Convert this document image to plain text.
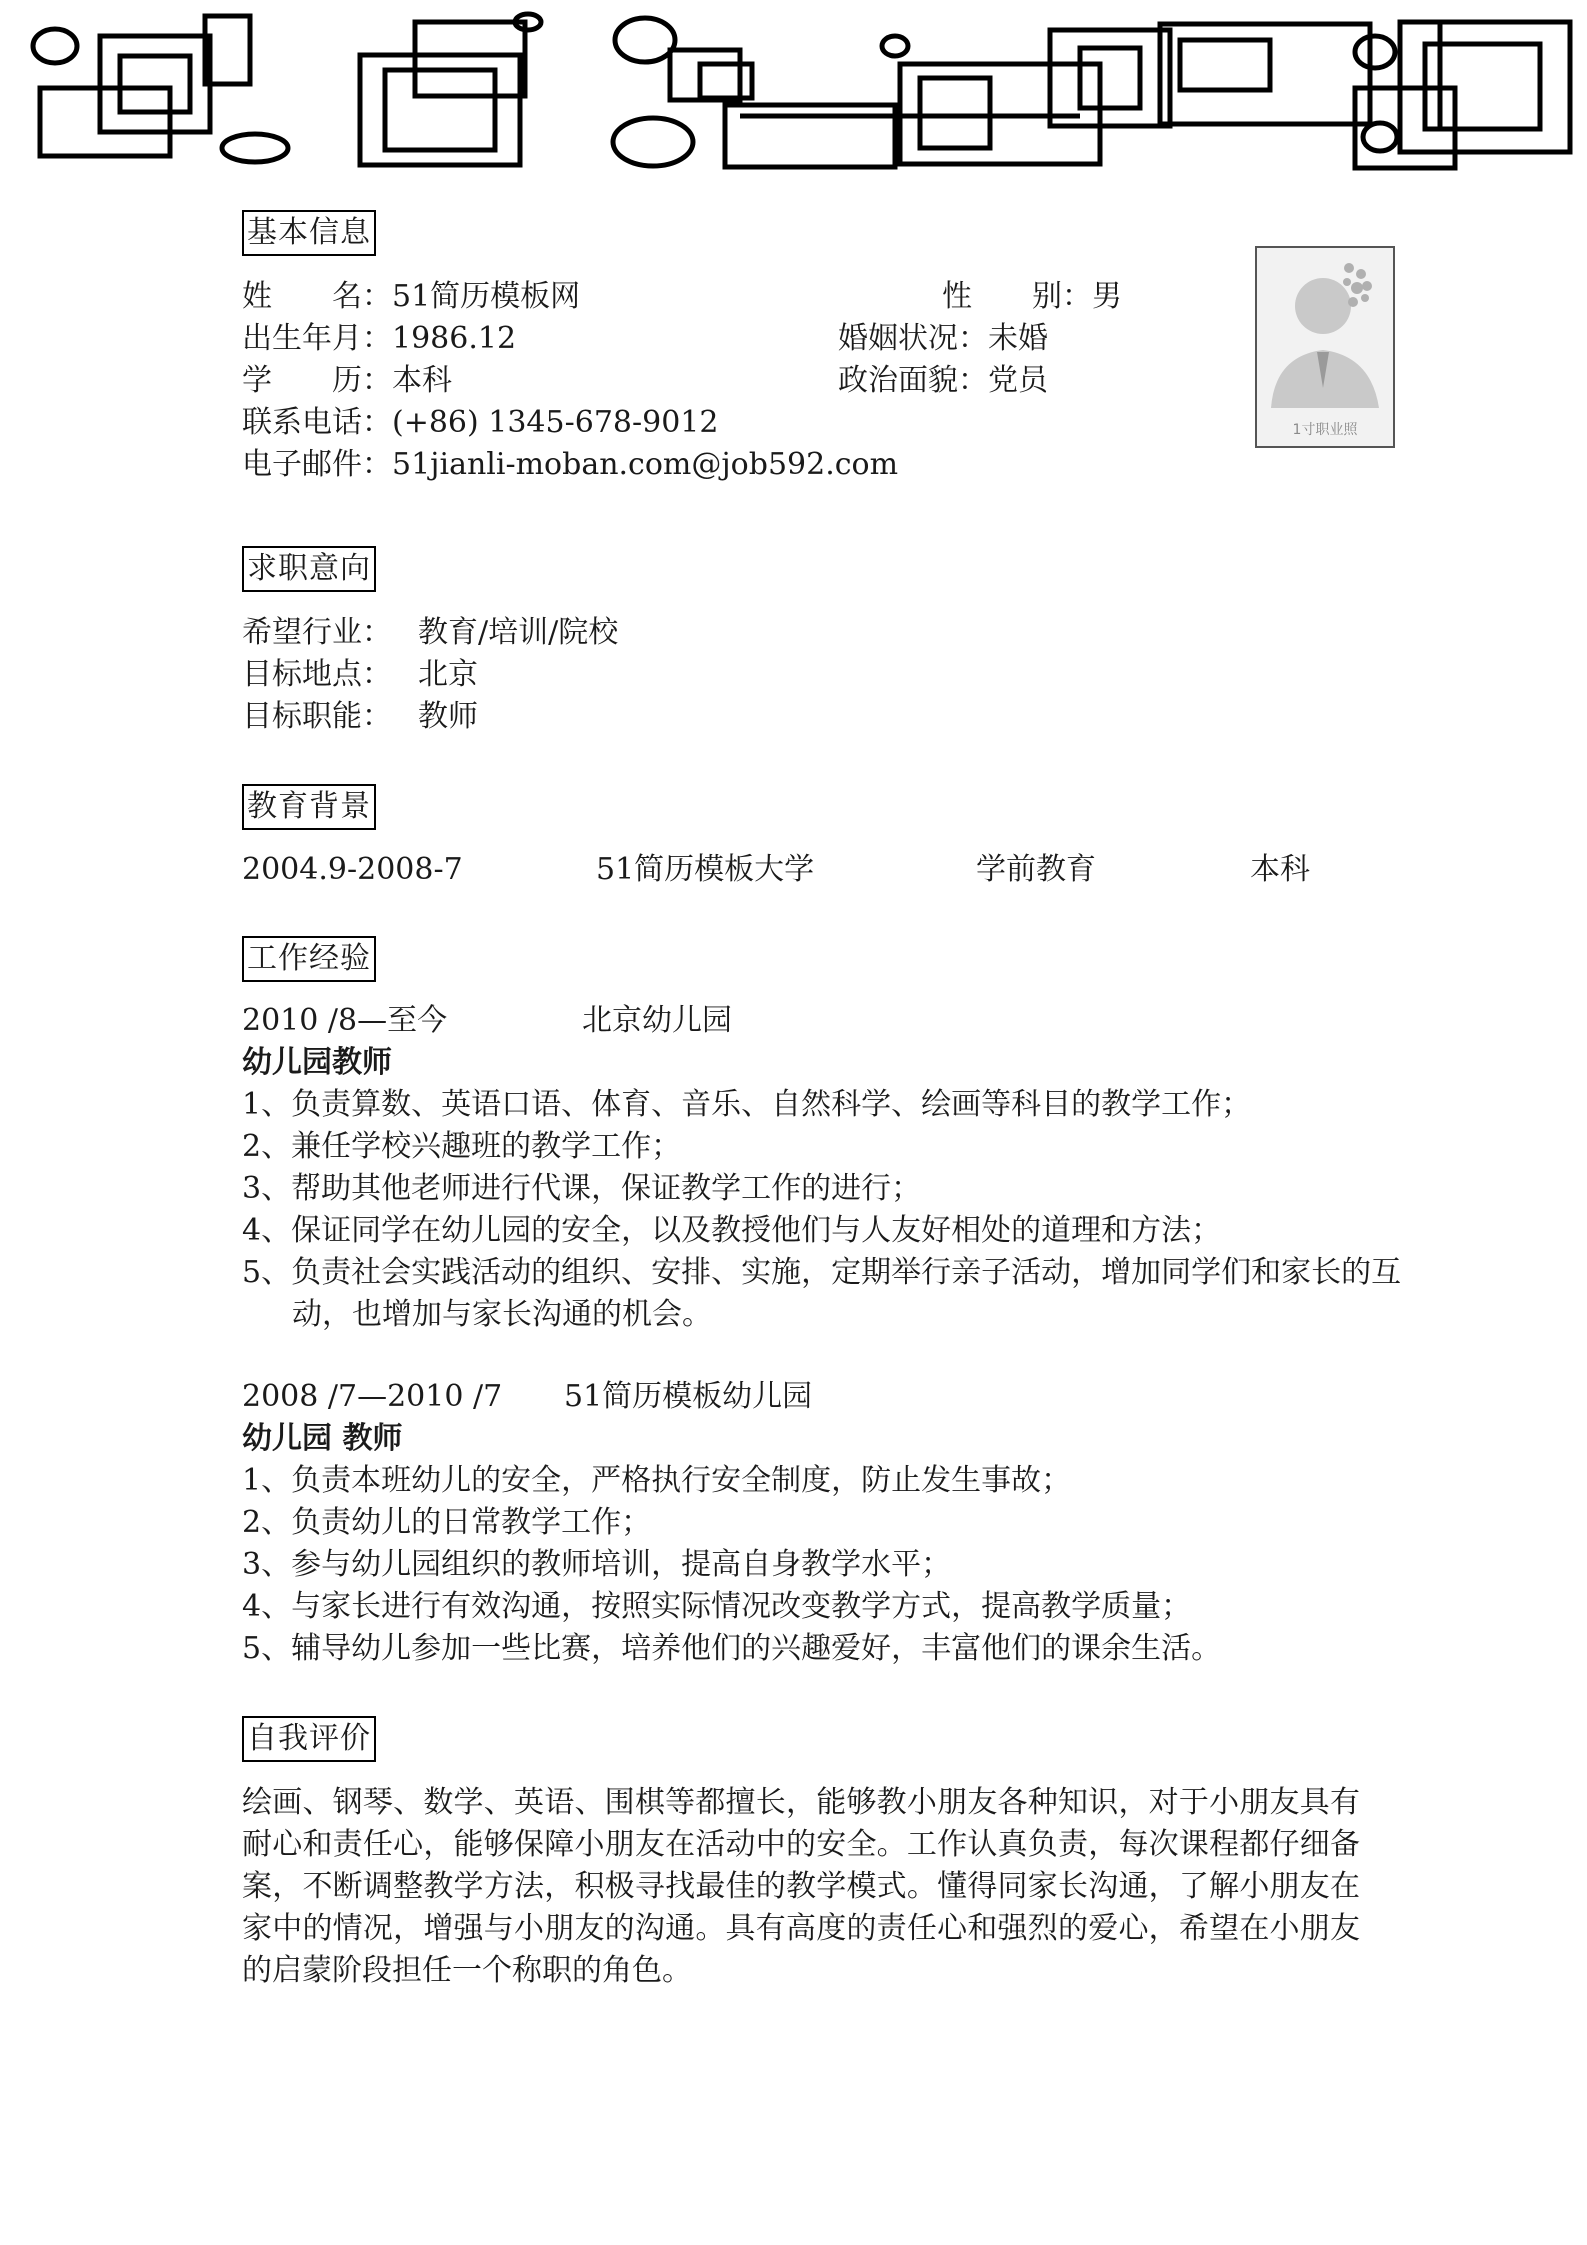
基本信息
姓　　名：51简历模板网	性　　别：男
出生年月：1986.12	婚姻状况：未婚
学　　历：本科	政治面貌：党员
联系电话：(+86) 1345-678-9012
电子邮件：51jianli-moban.com@job592.com
1寸职业照
求职意向
希望行业： 教育/培训/院校
目标地点： 北京
目标职能： 教师
教育背景
2004.9-2008-7	51简历模板大学	学前教育	本科
工作经验
2010 /8—至今	北京幼儿园
幼儿园教师
1、负责算数、英语口语、体育、音乐、自然科学、绘画等科目的教学工作；
2、兼任学校兴趣班的教学工作；
3、帮助其他老师进行代课，保证教学工作的进行；
4、保证同学在幼儿园的安全，以及教授他们与人友好相处的道理和方法；
5、负责社会实践活动的组织、安排、实施，定期举行亲子活动，增加同学们和家长的互动，也增加与家长沟通的机会。
2008 /7—2010 /7 51简历模板幼儿园
幼儿园 教师
1、负责本班幼儿的安全，严格执行安全制度，防止发生事故；
2、负责幼儿的日常教学工作；
3、参与幼儿园组织的教师培训，提高自身教学水平；
4、与家长进行有效沟通，按照实际情况改变教学方式，提高教学质量；
5、辅导幼儿参加一些比赛，培养他们的兴趣爱好，丰富他们的课余生活。
自我评价
绘画、钢琴、数学、英语、围棋等都擅长，能够教小朋友各种知识，对于小朋友具有耐心和责任心，能够保障小朋友在活动中的安全。工作认真负责，每次课程都仔细备案，不断调整教学方法，积极寻找最佳的教学模式。懂得同家长沟通，了解小朋友在家中的情况，增强与小朋友的沟通。具有高度的责任心和强烈的爱心，希望在小朋友的启蒙阶段担任一个称职的角色。
